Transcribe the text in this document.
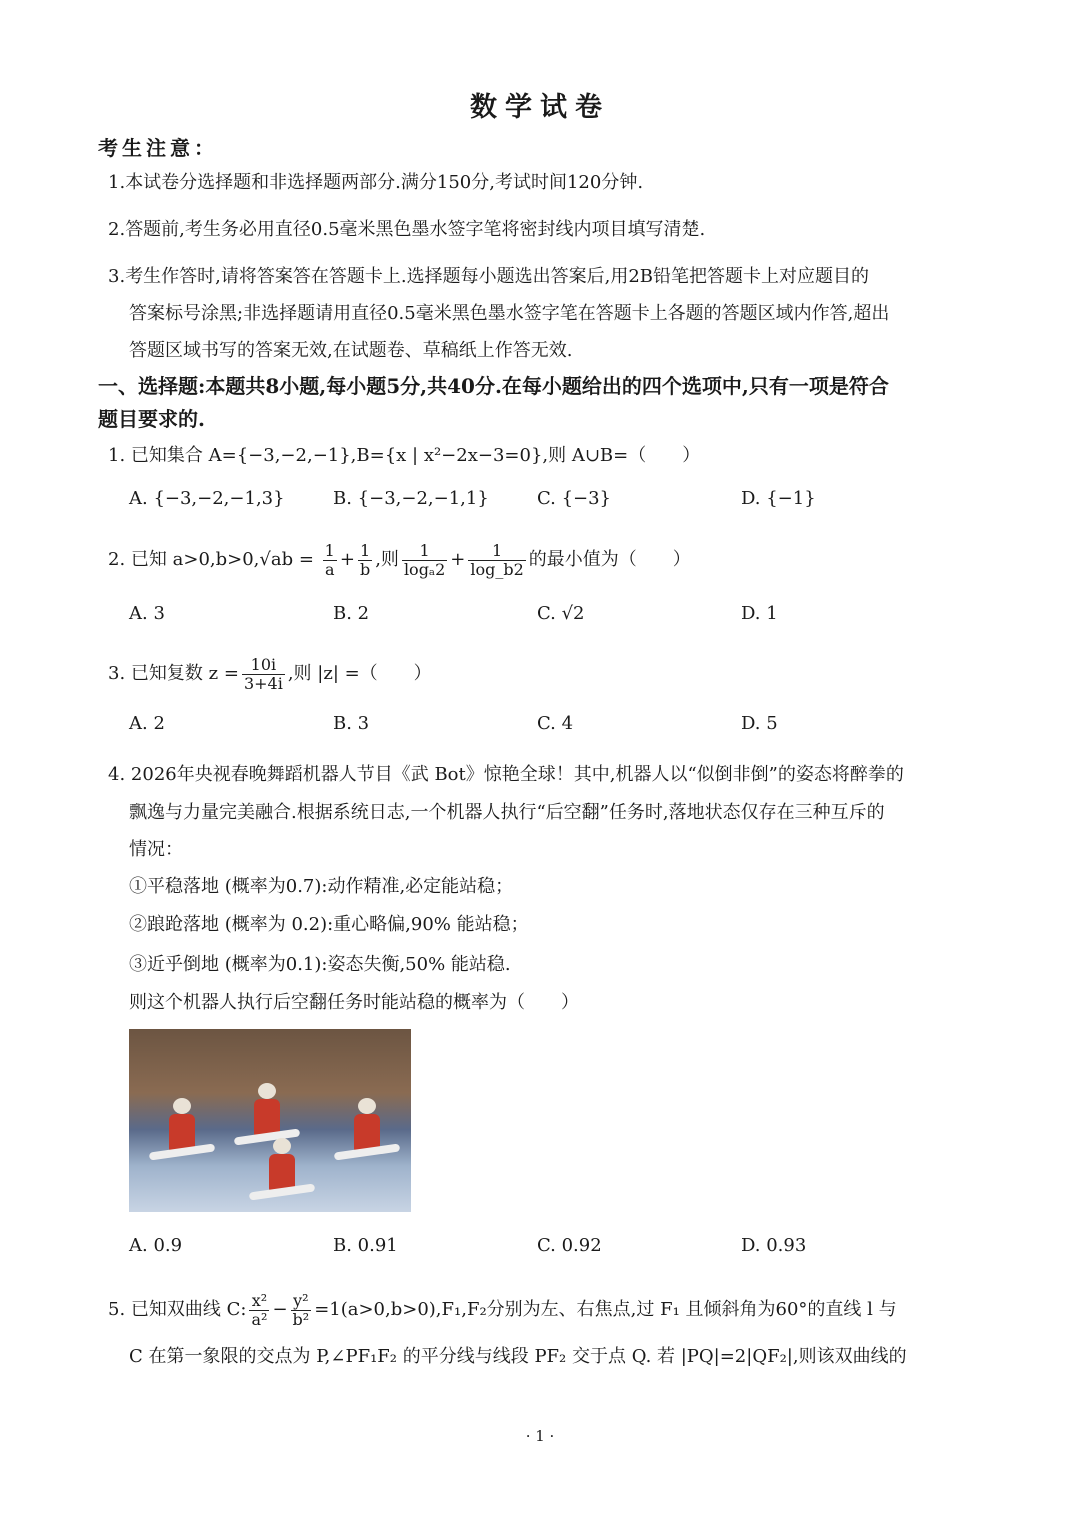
数学试卷
考生注意：
1.本试卷分选择题和非选择题两部分.满分150分,考试时间120分钟.
2.答题前,考生务必用直径0.5毫米黑色墨水签字笔将密封线内项目填写清楚.
3.考生作答时,请将答案答在答题卡上.选择题每小题选出答案后,用2B铅笔把答题卡上对应题目的
答案标号涂黑;非选择题请用直径0.5毫米黑色墨水签字笔在答题卡上各题的答题区域内作答,超出
答题区域书写的答案无效,在试题卷、草稿纸上作答无效.
一、选择题:本题共8小题,每小题5分,共40分.在每小题给出的四个选项中,只有一项是符合
题目要求的.
1. 已知集合 A={−3,−2,−1},B={x | x²−2x−3=0},则 A∪B=（　　）
A. {−3,−2,−1,3}	B. {−3,−2,−1,1}	C. {−3}	D. {−1}
2. 已知 $a>0,b>0,√ab = \frac{1}{a} + \frac{1}{b}$ ,则 $\frac{1}{\text{logₐ2}} + \frac{1}{\log\_b2}$ 的最小值为（　　）
A. 3	B. 2	C. √2	D. 1
3. 已知复数 $z = \frac{10i}{3+4i}$ ,则 |z| =（　　）
A. 2	B. 3	C. 4	D. 5
4. 2026年央视春晚舞蹈机器人节目《武 Bot》惊艳全球！其中,机器人以“似倒非倒”的姿态将醉拳的
飘逸与力量完美融合.根据系统日志,一个机器人执行“后空翻”任务时,落地状态仅存在三种互斥的
情况：
①平稳落地 (概率为0.7):动作精准,必定能站稳；
②踉跄落地 (概率为 0.2):重心略偏,90% 能站稳；
③近乎倒地 (概率为0.1):姿态失衡,50% 能站稳.
则这个机器人执行后空翻任务时能站稳的概率为（　　）
A. 0.9	B. 0.91	C. 0.92	D. 0.93
5. 已知双曲线 C: $\frac{\text{x²}}{\text{a²}} - \frac{\text{y²}}{\text{b²}} =1(a>0,b>0),F_1,F_2$分别为左、右焦点,过 F₁ 且倾斜角为60°的直线 l 与
C 在第一象限的交点为 P,∠PF₁F₂ 的平分线与线段 PF₂ 交于点 Q. 若 |PQ|=2|QF₂|,则该双曲线的
· 1 ·
